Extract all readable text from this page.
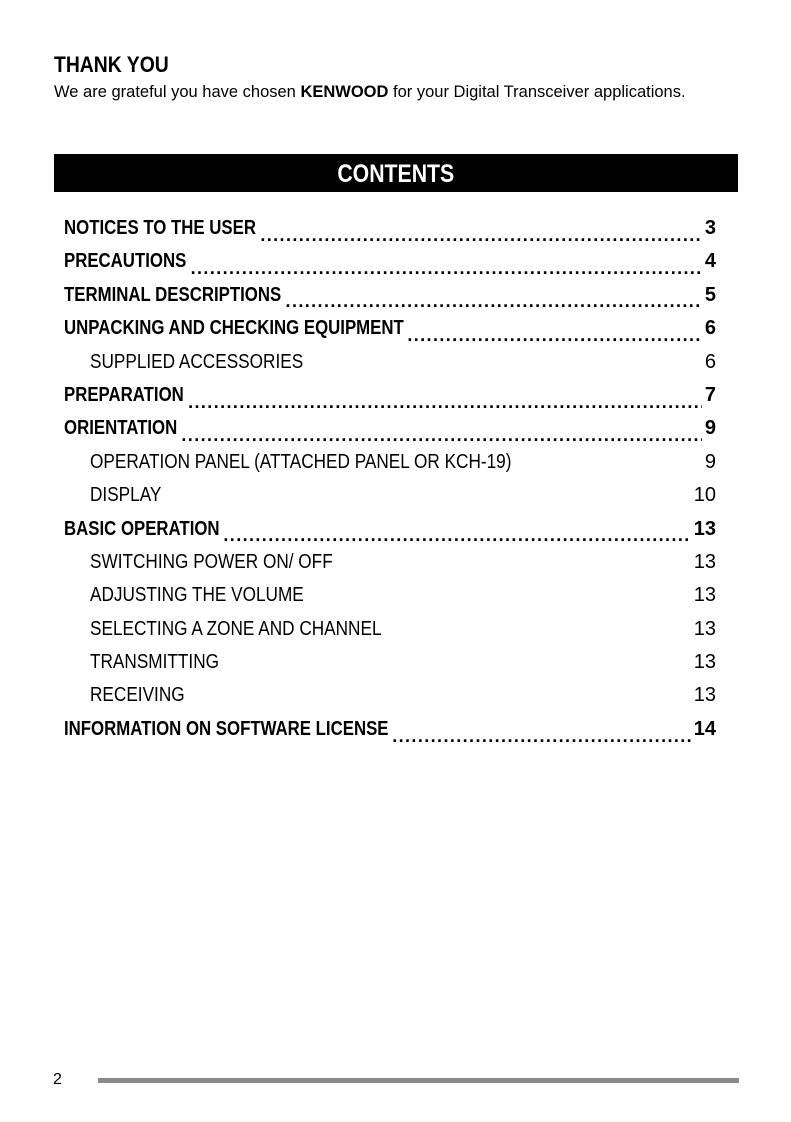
THANK YOU
We are grateful you have chosen KENWOOD for your Digital Transceiver applications.
CONTENTS
NOTICES TO THE USER .....	3
PRECAUTIONS .....	4
TERMINAL DESCRIPTIONS .....	5
UNPACKING AND CHECKING EQUIPMENT .....	6
SUPPLIED ACCESSORIES .....	6
PREPARATION .....	7
ORIENTATION .....	9
OPERATION PANEL (ATTACHED PANEL OR KCH-19) .....	9
DISPLAY .....	10
BASIC OPERATION .....	13
SWITCHING POWER ON/ OFF .....	13
ADJUSTING THE VOLUME .....	13
SELECTING A ZONE AND CHANNEL .....	13
TRANSMITTING .....	13
RECEIVING .....	13
INFORMATION ON SOFTWARE LICENSE .....	14
2
